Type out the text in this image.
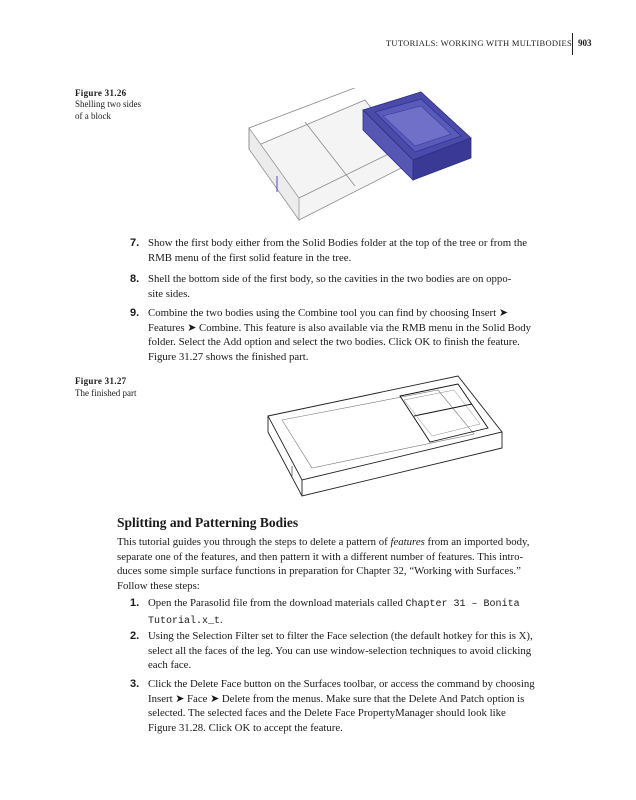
TUTORIALS: WORKING WITH MULTIBODIES 903
Figure 31.26
Shelling two sides
of a block
7. Show the first body either from the Solid Bodies folder at the top of the tree or from the
RMB menu of the first solid feature in the tree.
8. Shell the bottom side of the first body, so the cavities in the two bodies are on oppo-
site sides.
9. Combine the two bodies using the Combine tool you can find by choosing Insert ➤
Features ➤ Combine. This feature is also available via the RMB menu in the Solid Body
folder. Select the Add option and select the two bodies. Click OK to finish the feature.
Figure 31.27 shows the finished part.
Figure 31.27
The finished part
Splitting and Patterning Bodies
This tutorial guides you through the steps to delete a pattern of features from an imported body,
separate one of the features, and then pattern it with a different number of features. This intro-
duces some simple surface functions in preparation for Chapter 32, “Working with Surfaces.”
Follow these steps:
1. Open the Parasolid file from the download materials called Chapter 31 – Bonita
Tutorial.x_t.
2. Using the Selection Filter set to filter the Face selection (the default hotkey for this is X),
select all the faces of the leg. You can use window-selection techniques to avoid clicking
each face.
3. Click the Delete Face button on the Surfaces toolbar, or access the command by choosing
Insert ➤ Face ➤ Delete from the menus. Make sure that the Delete And Patch option is
selected. The selected faces and the Delete Face PropertyManager should look like
Figure 31.28. Click OK to accept the feature.
